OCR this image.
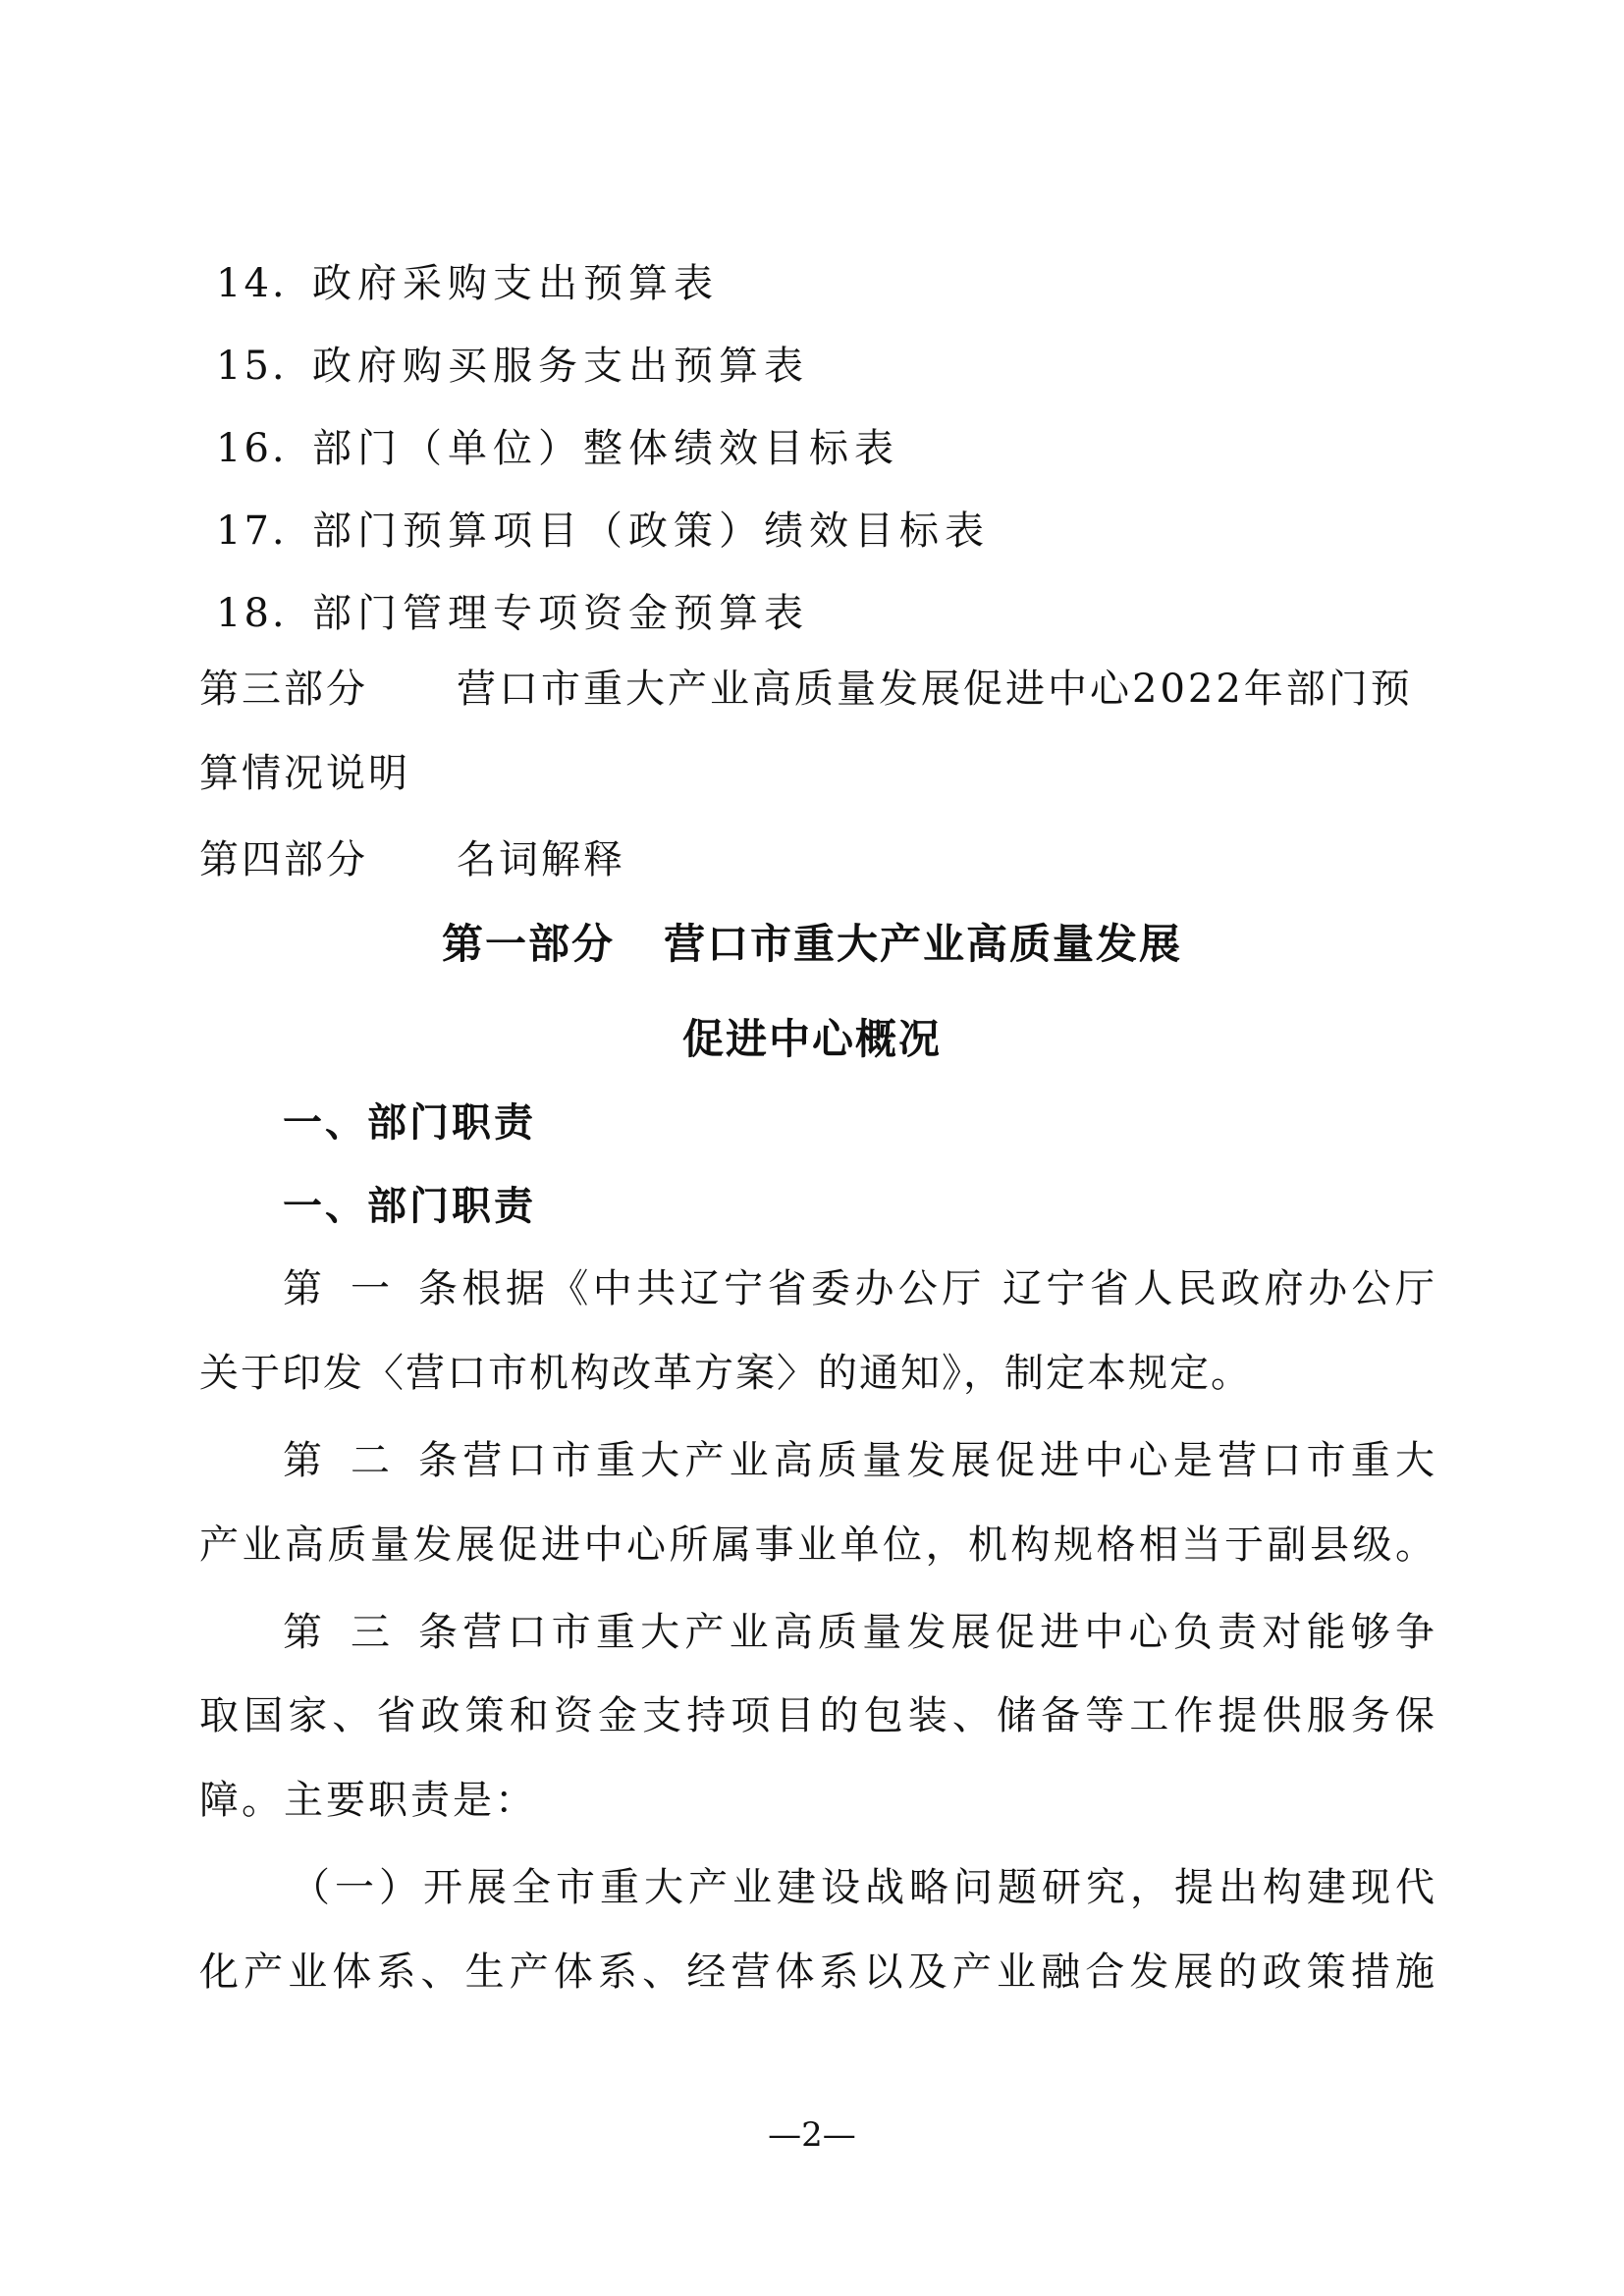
14. 政府采购支出预算表
15. 政府购买服务支出预算表
16. 部门（单位）整体绩效目标表
17. 部门预算项目（政策）绩效目标表
18. 部门管理专项资金预算表
第三部分 营口市重大产业高质量发展促进中心2022年部门预
算情况说明
第四部分 名词解释
第一部分 营口市重大产业高质量发展
促进中心概况
一、部门职责
一、部门职责
第一条根据《中共辽宁省委办公厅 辽宁省人民政府办公厅
关于印发〈营口市机构改革方案〉的通知》，制定本规定。
第二条营口市重大产业高质量发展促进中心是营口市重大
产业高质量发展促进中心所属事业单位，机构规格相当于副县级。
第三条营口市重大产业高质量发展促进中心负责对能够争
取国家、省政策和资金支持项目的包装、储备等工作提供服务保
障。主要职责是：
（一）开展全市重大产业建设战略问题研究，提出构建现代
化产业体系、生产体系、经营体系以及产业融合发展的政策措施
—2—
